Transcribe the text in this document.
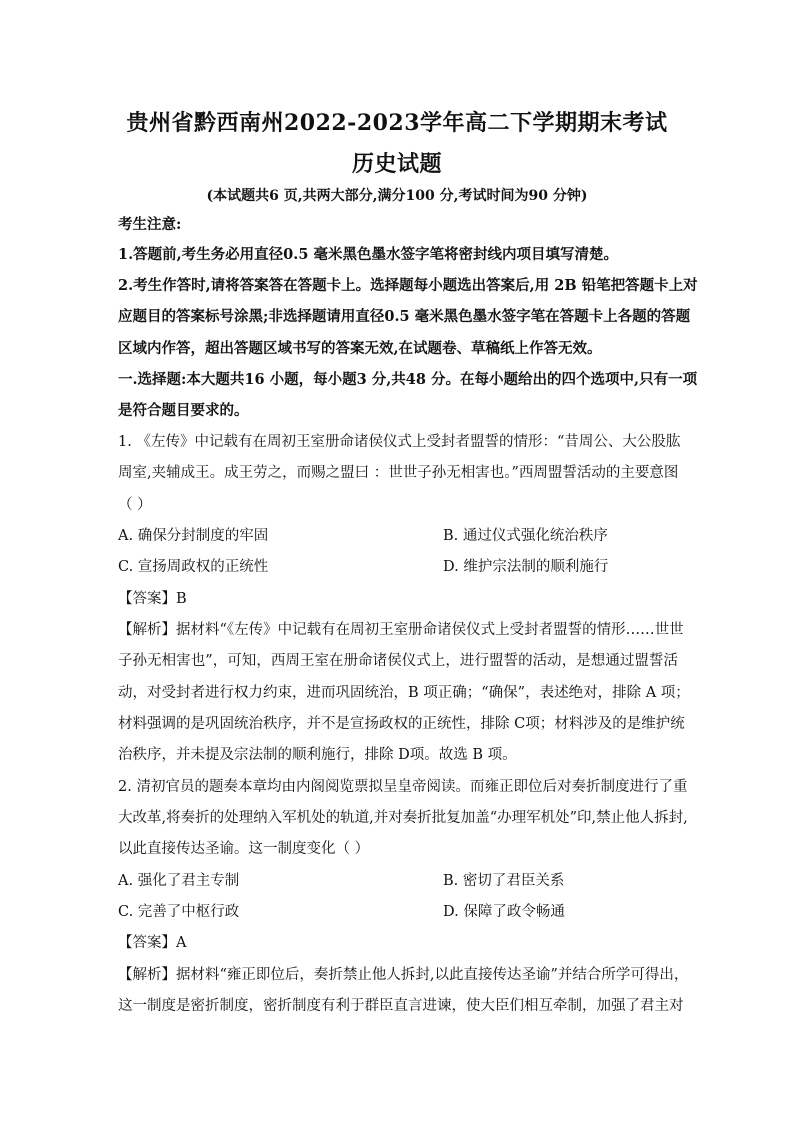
贵州省黔西南州2022-2023学年高二下学期期末考试
历史试题
(本试题共6 页,共两大部分,满分100 分,考试时间为90 分钟)
考生注意:
1.答题前,考生务必用直径0.5 毫米黑色墨水签字笔将密封线内项目填写清楚。
2.考生作答时,请将答案答在答题卡上。选择题每小题选出答案后,用 2B 铅笔把答题卡上对
应题目的答案标号涂黑;非选择题请用直径0.5 毫米黑色墨水签字笔在答题卡上各题的答题
区域内作答，超出答题区域书写的答案无效,在试题卷、草稿纸上作答无效。
一.选择题:本大题共16 小题，每小题3 分,共48 分。在每小题给出的四个选项中,只有一项
是符合题目要求的。
1. 《左传》中记载有在周初王室册命诸侯仪式上受封者盟誓的情形：“昔周公、大公股肱
周室,夹辅成王。成王劳之，而赐之盟曰 ：世世子孙无相害也。”西周盟誓活动的主要意图
（ ）
A. 确保分封制度的牢固	B. 通过仪式强化统治秩序
C. 宣扬周政权的正统性	D. 维护宗法制的顺利施行
【答案】B
【解析】据材料“《左传》中记载有在周初王室册命诸侯仪式上受封者盟誓的情形……世世
子孙无相害也”，可知，西周王室在册命诸侯仪式上，进行盟誓的活动，是想通过盟誓活
动，对受封者进行权力约束，进而巩固统治，B 项正确；“确保”，表述绝对，排除 A 项；
材料强调的是巩固统治秩序，并不是宣扬政权的正统性，排除 C项；材料涉及的是维护统
治秩序，并未提及宗法制的顺利施行，排除 D项。故选 B 项。
2. 清初官员的题奏本章均由内阁阅览票拟呈皇帝阅读。而雍正即位后对奏折制度进行了重
大改革,将奏折的处理纳入军机处的轨道,并对奏折批复加盖“办理军机处”印,禁止他人拆封,
以此直接传达圣谕。这一制度变化（ ）
A. 强化了君主专制	B. 密切了君臣关系
C. 完善了中枢行政	D. 保障了政令畅通
【答案】A
【解析】据材料“雍正即位后，奏折禁止他人拆封,以此直接传达圣谕”并结合所学可得出，
这一制度是密折制度，密折制度有利于群臣直言进谏，使大臣们相互牵制，加强了君主对
